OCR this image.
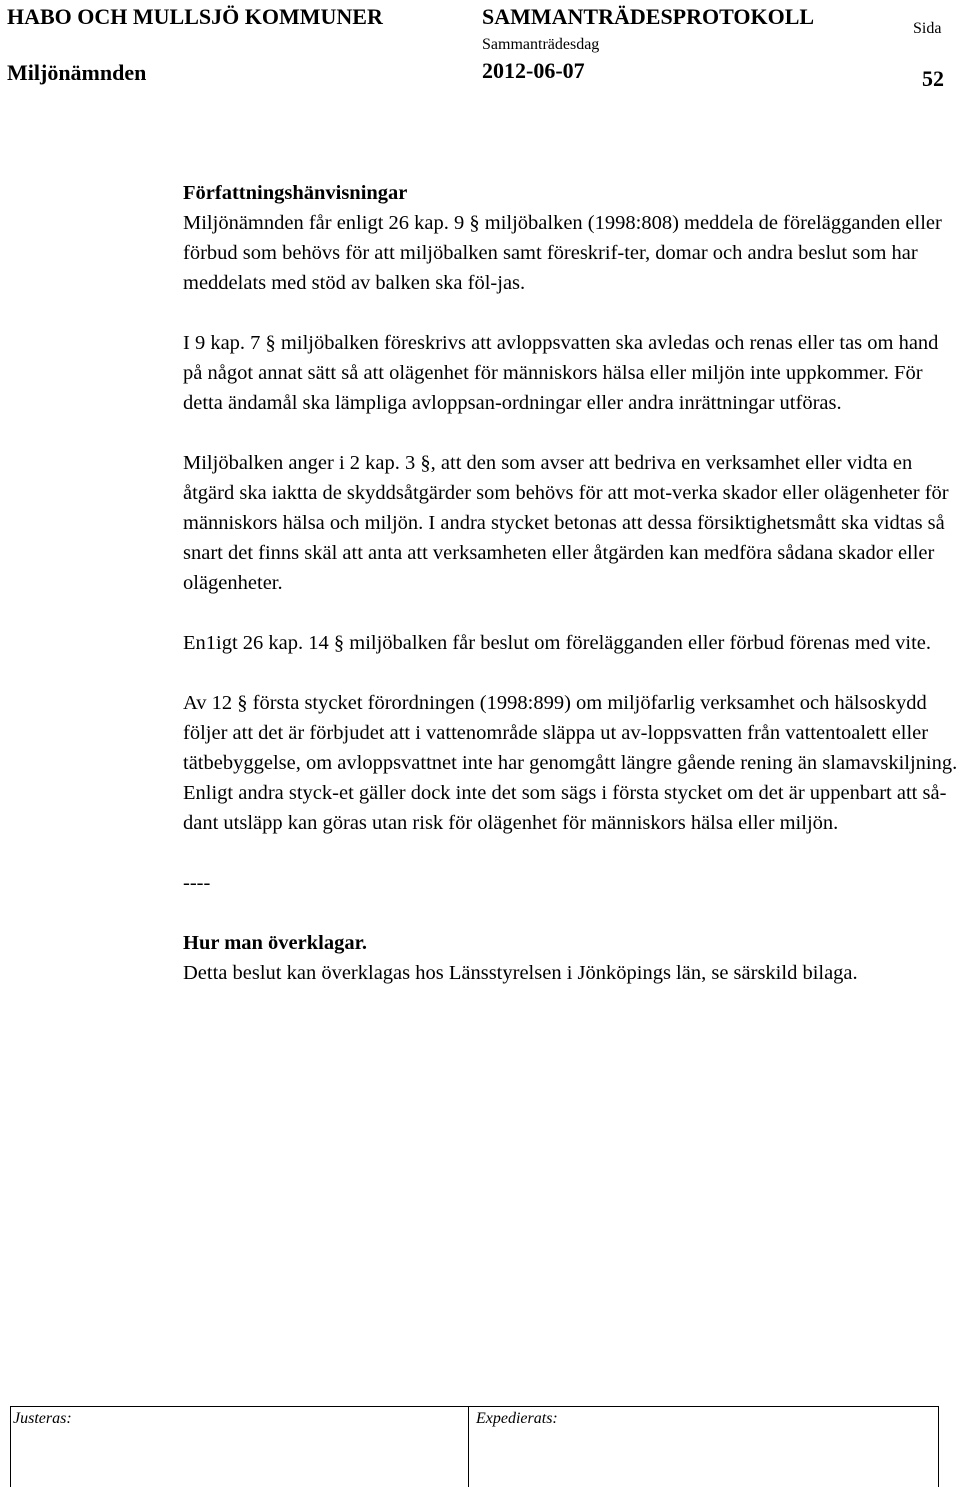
HABO OCH MULLSJÖ KOMMUNER	SAMMANTRÄDESPROTOKOLL	Sida
Sammanträdesdag
Miljönämnden	2012-06-07	52

Författningshänvisningar

Miljönämnden får enligt 26 kap. 9 § miljöbalken (1998:808) meddela de förelägganden eller förbud som behövs för att miljöbalken samt föreskrif-ter, domar och andra beslut som har meddelats med stöd av balken ska föl-jas.

I 9 kap. 7 § miljöbalken föreskrivs att avloppsvatten ska avledas och renas eller tas om hand på något annat sätt så att olägenhet för människors hälsa eller miljön inte uppkommer. För detta ändamål ska lämpliga avloppsan-ordningar eller andra inrättningar utföras.

Miljöbalken anger i 2 kap. 3 §, att den som avser att bedriva en verksamhet eller vidta en åtgärd ska iaktta de skyddsåtgärder som behövs för att mot-verka skador eller olägenheter för människors hälsa och miljön. I andra stycket betonas att dessa försiktighetsmått ska vidtas så snart det finns skäl att anta att verksamheten eller åtgärden kan medföra sådana skador eller olägenheter.

En1igt 26 kap. 14 § miljöbalken får beslut om förelägganden eller förbud förenas med vite.

Av 12 § första stycket förordningen (1998:899) om miljöfarlig verksamhet och hälsoskydd följer att det är förbjudet att i vattenområde släppa ut av-loppsvatten från vattentoalett eller tätbebyggelse, om avloppsvattnet inte har genomgått längre gående rening än slamavskiljning. Enligt andra styck-et gäller dock inte det som sägs i första stycket om det är uppenbart att så-dant utsläpp kan göras utan risk för olägenhet för människors hälsa eller miljön.

----

Hur man överklagar.

Detta beslut kan överklagas hos Länsstyrelsen i Jönköpings län, se särskild bilaga.

Justeras:	Expedierats:
